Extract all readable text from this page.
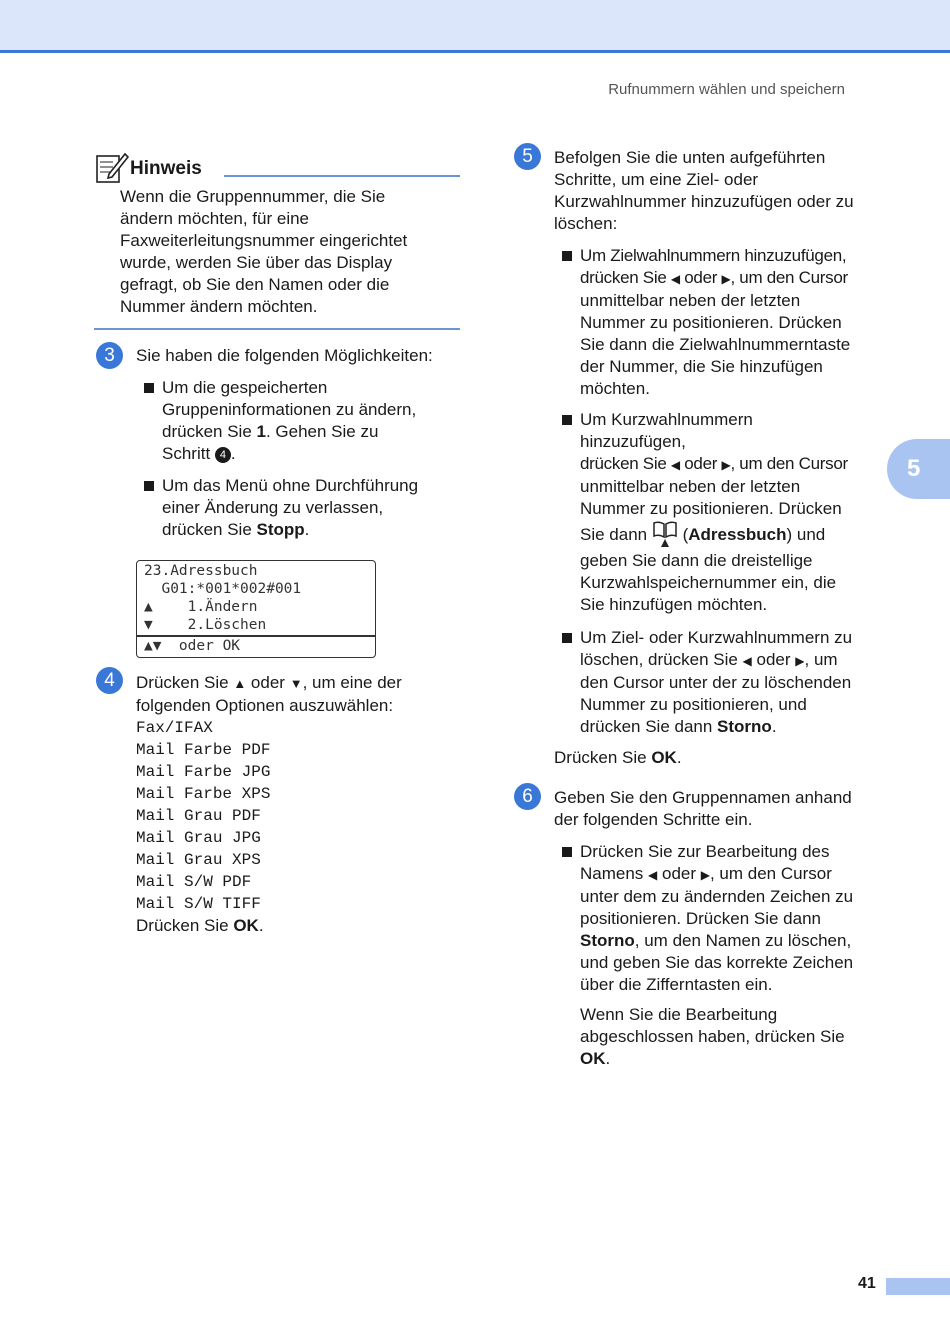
Rufnummern wählen und speichern
5
Hinweis
Wenn die Gruppennummer, die Sie
ändern möchten, für eine
Faxweiterleitungsnummer eingerichtet
wurde, werden Sie über das Display
gefragt, ob Sie den Namen oder die
Nummer ändern möchten.
3	Sie haben die folgenden Möglichkeiten:
Um die gespeicherten
Gruppeninformationen zu ändern,
drücken Sie 1. Gehen Sie zu
Schritt 4 .
Um das Menü ohne Durchführung
einer Änderung zu verlassen,
drücken Sie Stopp.
23.Adressbuch
G01:*001*002#001
▲    1.Ändern
▼    2.Löschen
▲▼  oder OK
4	Drücken Sie ▲ oder ▼, um eine der
folgenden Optionen auszuwählen:
Fax/IFAX
Mail Farbe PDF
Mail Farbe JPG
Mail Farbe XPS
Mail Grau PDF
Mail Grau JPG
Mail Grau XPS
Mail S/W PDF
Mail S/W TIFF
Drücken Sie OK.
5	Befolgen Sie die unten aufgeführten
Schritte, um eine Ziel- oder
Kurzwahlnummer hinzuzufügen oder zu
löschen:
Um Zielwahlnummern hinzuzufügen,
drücken Sie ◀ oder ▶, um den Cursor
unmittelbar neben der letzten
Nummer zu positionieren. Drücken
Sie dann die Zielwahlnummerntaste
der Nummer, die Sie hinzufügen
möchten.
Um Kurzwahlnummern
hinzuzufügen,
drücken Sie ◀ oder ▶, um den Cursor
unmittelbar neben der letzten
Nummer zu positionieren. Drücken
Sie dann  (Adressbuch) und
geben Sie dann die dreistellige
Kurzwahlspeichernummer ein, die
Sie hinzufügen möchten.
Um Ziel- oder Kurzwahlnummern zu
löschen, drücken Sie ◀ oder ▶, um
den Cursor unter der zu löschenden
Nummer zu positionieren, und
drücken Sie dann Storno.
Drücken Sie OK.
6	Geben Sie den Gruppennamen anhand
der folgenden Schritte ein.
Drücken Sie zur Bearbeitung des
Namens ◀ oder ▶, um den Cursor
unter dem zu ändernden Zeichen zu
positionieren. Drücken Sie dann
Storno, um den Namen zu löschen,
und geben Sie das korrekte Zeichen
über die Zifferntasten ein.
Wenn Sie die Bearbeitung
abgeschlossen haben, drücken Sie
OK.
41
